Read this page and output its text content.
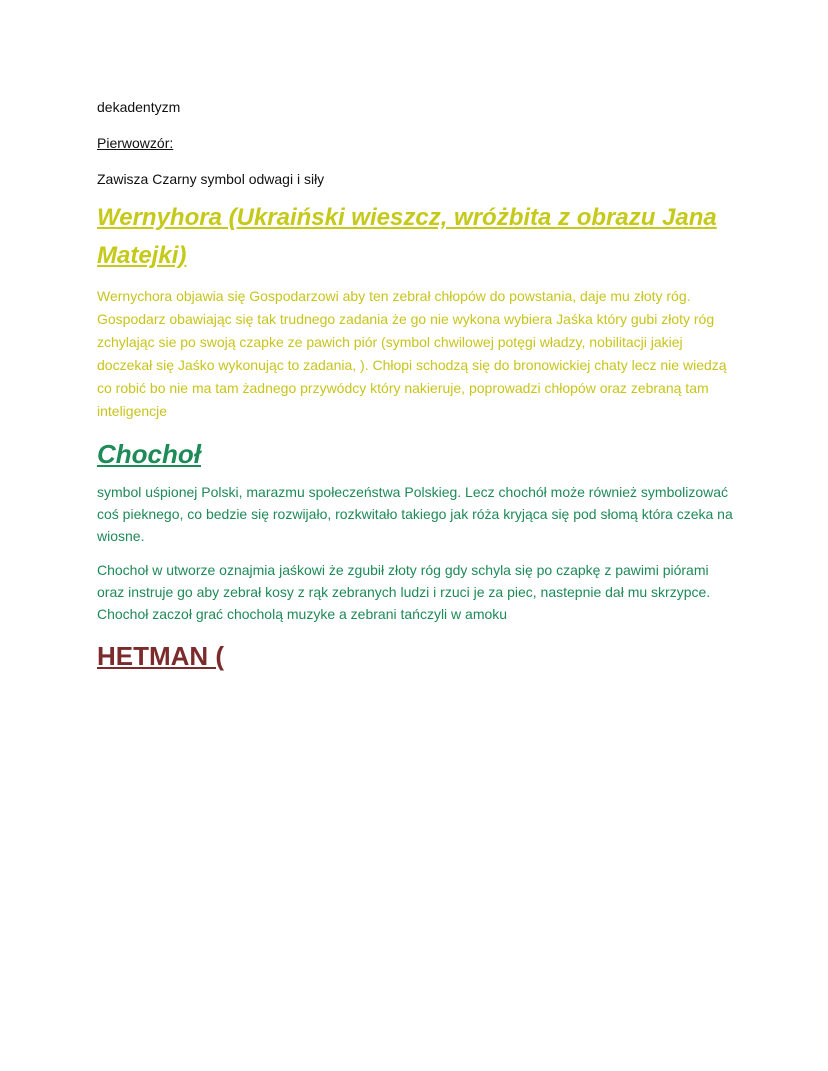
dekadentyzm

Pierwowzór:

Zawisza Czarny symbol odwagi i siły

Wernyhora (Ukraiński wieszcz, wróżbita z obrazu Jana Matejki)

Wernychora objawia się Gospodarzowi aby ten zebrał chłopów do powstania, daje mu złoty róg. Gospodarz obawiając się tak trudnego zadania że go nie wykona wybiera Jaśka który gubi złoty róg zchylając sie po swoją czapke ze pawich piór (symbol chwilowej potęgi władzy, nobilitacji jakiej doczekał się Jaśko wykonując to zadania, ). Chłopi schodzą się do bronowickiej chaty lecz nie wiedzą co robić bo nie ma tam żadnego przywódcy który nakieruje, poprowadzi chłopów oraz zebraną tam inteligencje

Chochoł

symbol uśpionej Polski, marazmu społeczeństwa Polskieg. Lecz chochół może również symbolizować coś pieknego, co bedzie się rozwijało, rozkwitało takiego jak róża kryjąca się pod słomą która czeka na wiosne.

Chochoł w utworze oznajmia jaśkowi że zgubił złoty róg gdy schyla się po czapkę z pawimi piórami oraz instruje go aby zebrał kosy z rąk zebranych ludzi i rzuci je za piec, nastepnie dał mu skrzypce. Chochoł zaczoł grać chocholą muzyke a zebrani tańczyli w amoku

HETMAN (
